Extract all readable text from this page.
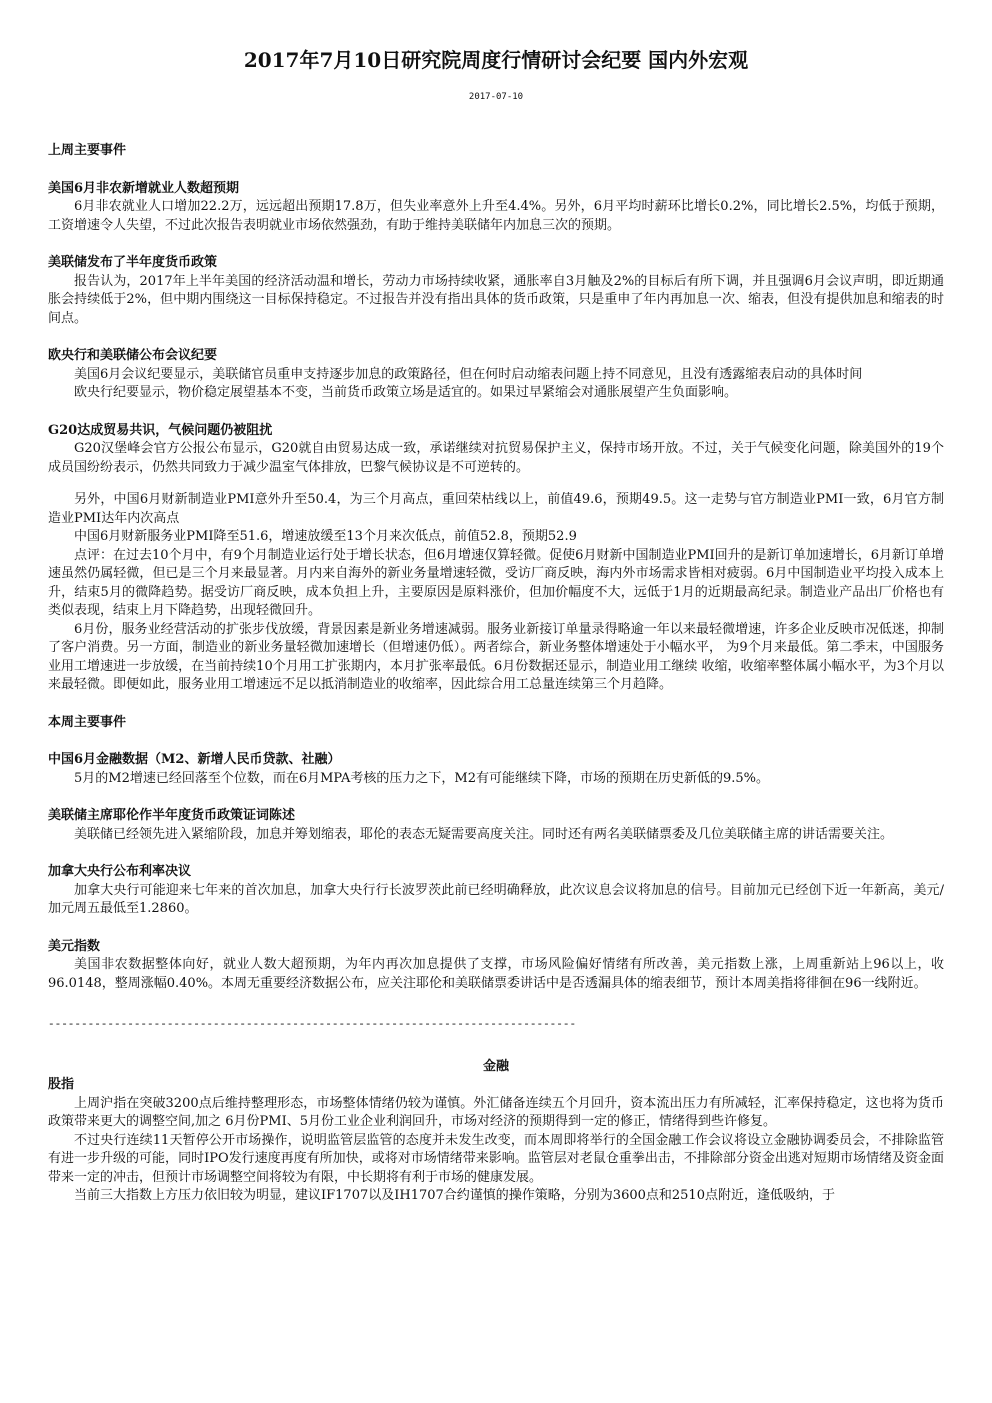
2017年7月10日研究院周度行情研讨会纪要 国内外宏观
2017-07-10

上周主要事件

美国6月非农新增就业人数超预期

6月非农就业人口增加22.2万，远远超出预期17.8万，但失业率意外上升至4.4%。另外，6月平均时薪环比增长0.2%，同比增长2.5%，均低于预期，工资增速令人失望，不过此次报告表明就业市场依然强劲，有助于维持美联储年内加息三次的预期。

美联储发布了半年度货币政策

报告认为，2017年上半年美国的经济活动温和增长，劳动力市场持续收紧，通胀率自3月触及2%的目标后有所下调，并且强调6月会议声明，即近期通胀会持续低于2%，但中期内围绕这一目标保持稳定。不过报告并没有指出具体的货币政策，只是重申了年内再加息一次、缩表，但没有提供加息和缩表的时间点。

欧央行和美联储公布会议纪要

美国6月会议纪要显示，美联储官员重申支持逐步加息的政策路径，但在何时启动缩表问题上持不同意见，且没有透露缩表启动的具体时间

欧央行纪要显示，物价稳定展望基本不变，当前货币政策立场是适宜的。如果过早紧缩会对通胀展望产生负面影响。

G20达成贸易共识，气候问题仍被阻扰

G20汉堡峰会官方公报公布显示，G20就自由贸易达成一致，承诺继续对抗贸易保护主义，保持市场开放。不过，关于气候变化问题，除美国外的19个成员国纷纷表示，仍然共同致力于减少温室气体排放，巴黎气候协议是不可逆转的。

另外，中国6月财新制造业PMI意外升至50.4，为三个月高点，重回荣枯线以上，前值49.6，预期49.5。这一走势与官方制造业PMI一致，6月官方制造业PMI达年内次高点

中国6月财新服务业PMI降至51.6，增速放缓至13个月来次低点，前值52.8，预期52.9

点评：在过去10个月中，有9个月制造业运行处于增长状态，但6月增速仅算轻微。促使6月财新中国制造业PMI回升的是新订单加速增长，6月新订单增速虽然仍属轻微，但已是三个月来最显著。月内来自海外的新业务量增速轻微，受访厂商反映，海内外市场需求皆相对疲弱。6月中国制造业平均投入成本上升，结束5月的微降趋势。据受访厂商反映，成本负担上升，主要原因是原料涨价，但加价幅度不大，远低于1月的近期最高纪录。制造业产品出厂价格也有类似表现，结束上月下降趋势，出现轻微回升。

6月份，服务业经营活动的扩张步伐放缓，背景因素是新业务增速减弱。服务业新接订单量录得略逾一年以来最轻微增速，许多企业反映市况低迷，抑制了客户消费。另一方面，制造业的新业务量轻微加速增长（但增速仍低）。两者综合，新业务整体增速处于小幅水平， 为9个月来最低。第二季末，中国服务业用工增速进一步放缓，在当前持续10个月用工扩张期内，本月扩张率最低。6月份数据还显示，制造业用工继续 收缩，收缩率整体属小幅水平，为3个月以来最轻微。即便如此，服务业用工增速远不足以抵消制造业的收缩率，因此综合用工总量连续第三个月趋降。

本周主要事件

中国6月金融数据（M2、新增人民币贷款、社融）

5月的M2增速已经回落至个位数，而在6月MPA考核的压力之下，M2有可能继续下降，市场的预期在历史新低的9.5%。

美联储主席耶伦作半年度货币政策证词陈述

美联储已经领先进入紧缩阶段，加息并筹划缩表，耶伦的表态无疑需要高度关注。同时还有两名美联储票委及几位美联储主席的讲话需要关注。

加拿大央行公布利率决议

加拿大央行可能迎来七年来的首次加息，加拿大央行行长波罗茨此前已经明确释放，此次议息会议将加息的信号。目前加元已经创下近一年新高，美元/加元周五最低至1.2860。

美元指数

美国非农数据整体向好，就业人数大超预期，为年内再次加息提供了支撑，市场风险偏好情绪有所改善，美元指数上涨，上周重新站上96以上，收96.0148，整周涨幅0.40%。本周无重要经济数据公布，应关注耶伦和美联储票委讲话中是否透漏具体的缩表细节，预计本周美指将徘徊在96一线附近。

--------------------------------------------------------------------------------

金融

股指

上周沪指在突破3200点后维持整理形态，市场整体情绪仍较为谨慎。外汇储备连续五个月回升，资本流出压力有所减轻，汇率保持稳定，这也将为货币政策带来更大的调整空间,加之 6月份PMI、5月份工业企业利润回升，市场对经济的预期得到一定的修正，情绪得到些许修复。

不过央行连续11天暂停公开市场操作，说明监管层监管的态度并未发生改变，而本周即将举行的全国金融工作会议将设立金融协调委员会，不排除监管有进一步升级的可能，同时IPO发行速度再度有所加快，或将对市场情绪带来影响。监管层对老鼠仓重拳出击，不排除部分资金出逃对短期市场情绪及资金面带来一定的冲击，但预计市场调整空间将较为有限，中长期将有利于市场的健康发展。

当前三大指数上方压力依旧较为明显，建议IF1707以及IH1707合约谨慎的操作策略，分别为3600点和2510点附近，逢低吸纳，于
